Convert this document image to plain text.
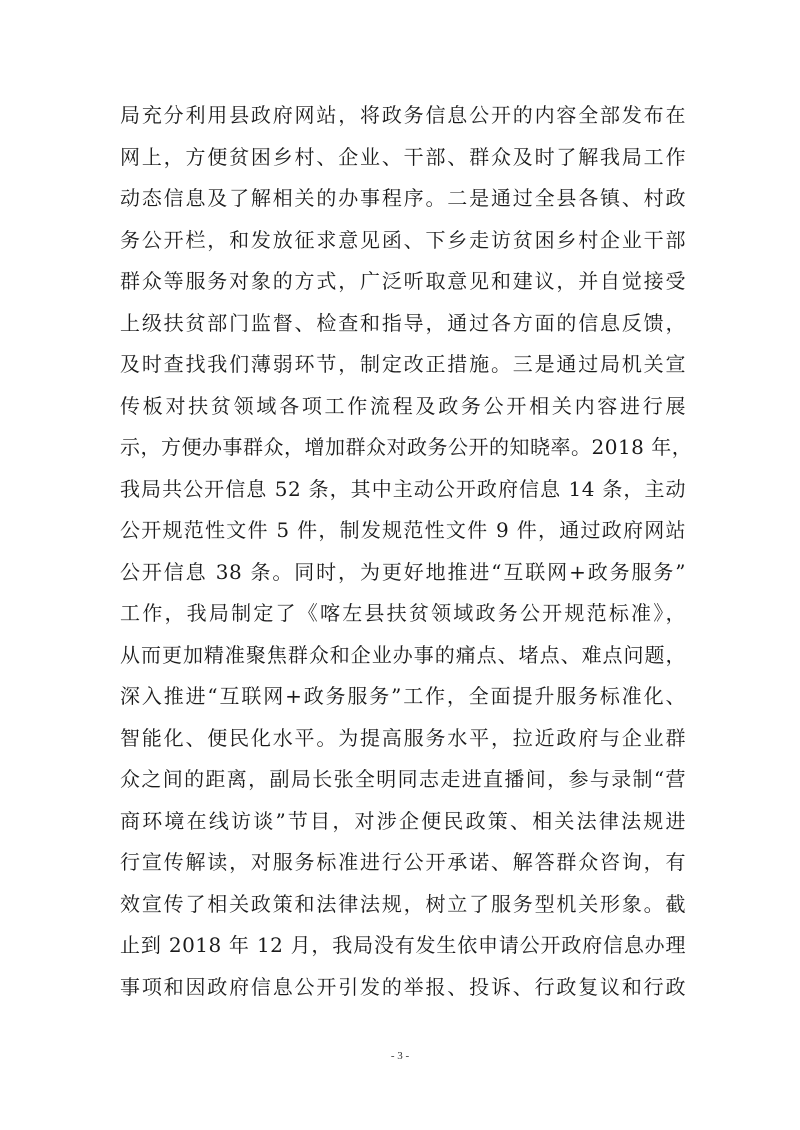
局充分利用县政府网站，将政务信息公开的内容全部发布在
网上，方便贫困乡村、企业、干部、群众及时了解我局工作
动态信息及了解相关的办事程序。二是通过全县各镇、村政
务公开栏，和发放征求意见函、下乡走访贫困乡村企业干部
群众等服务对象的方式，广泛听取意见和建议，并自觉接受
上级扶贫部门监督、检查和指导，通过各方面的信息反馈，
及时查找我们薄弱环节，制定改正措施。三是通过局机关宣
传板对扶贫领域各项工作流程及政务公开相关内容进行展
示，方便办事群众，增加群众对政务公开的知晓率。2018 年，
我局共公开信息 52 条，其中主动公开政府信息 14 条，主动
公开规范性文件 5 件，制发规范性文件 9 件，通过政府网站
公开信息 38 条。同时，为更好地推进“互联网+政务服务”
工作，我局制定了《喀左县扶贫领域政务公开规范标准》，
从而更加精准聚焦群众和企业办事的痛点、堵点、难点问题，
深入推进“互联网+政务服务”工作，全面提升服务标准化、
智能化、便民化水平。为提高服务水平，拉近政府与企业群
众之间的距离，副局长张全明同志走进直播间，参与录制“营
商环境在线访谈”节目，对涉企便民政策、相关法律法规进
行宣传解读，对服务标准进行公开承诺、解答群众咨询，有
效宣传了相关政策和法律法规，树立了服务型机关形象。截
止到 2018 年 12 月，我局没有发生依申请公开政府信息办理
事项和因政府信息公开引发的举报、投诉、行政复议和行政
- 3 -
